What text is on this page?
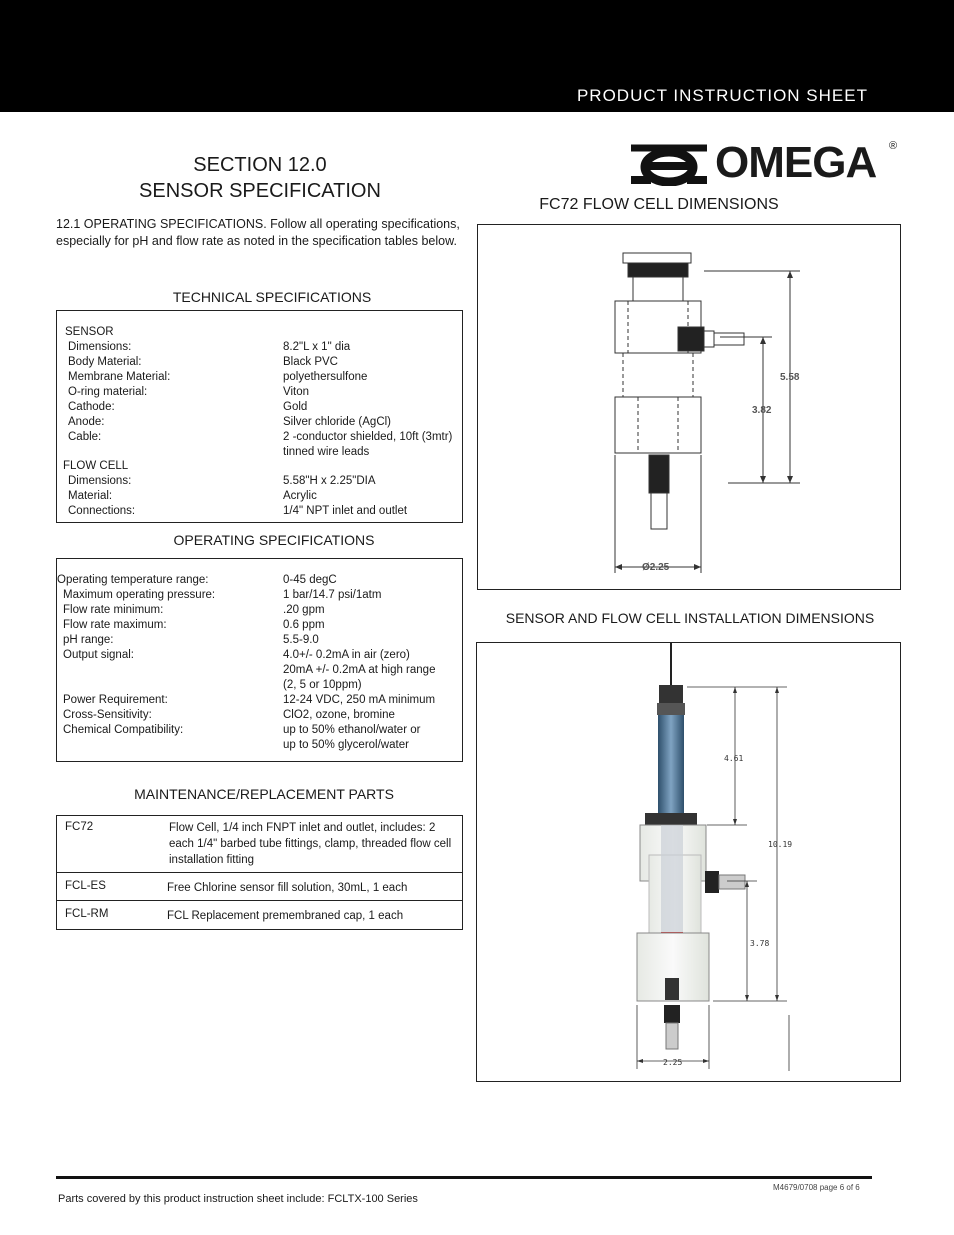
PRODUCT INSTRUCTION SHEET
OMEGA ®
SECTION 12.0
SENSOR SPECIFICATION
12.1 OPERATING SPECIFICATIONS. Follow all operating specifications, especially for pH and flow rate as noted in the specification tables below.
TECHNICAL SPECIFICATIONS
SENSOR
Dimensions:	8.2"L x 1" dia
Body Material:	Black PVC
Membrane Material:	polyethersulfone
O-ring material:	Viton
Cathode:	Gold
Anode:	Silver chloride (AgCl)
Cable:	2 -conductor shielded, 10ft (3mtr)
tinned wire leads
FLOW CELL
Dimensions:	5.58"H x 2.25"DIA
Material:	Acrylic
Connections:	1/4" NPT inlet and outlet
OPERATING SPECIFICATIONS
Operating temperature range:	0-45 degC
Maximum operating pressure:	1 bar/14.7 psi/1atm
Flow rate minimum:	.20 gpm
Flow rate maximum:	0.6 ppm
pH range:	5.5-9.0
Output signal:	4.0+/- 0.2mA in air (zero)
20mA +/- 0.2mA at high range
(2, 5 or 10ppm)
Power Requirement:	12-24 VDC, 250 mA minimum
Cross-Sensitivity:	ClO2, ozone, bromine
Chemical Compatibility:	up to 50% ethanol/water or
up to 50% glycerol/water
MAINTENANCE/REPLACEMENT PARTS
FC72	Flow Cell, 1/4 inch FNPT inlet and outlet, includes: 2 each 1/4" barbed tube fittings, clamp, threaded flow cell installation fitting
FCL-ES	Free Chlorine sensor fill solution, 30mL, 1 each
FCL-RM	FCL Replacement premembraned cap, 1 each
FC72 FLOW CELL DIMENSIONS
5.58
3.82
Ø2.25
SENSOR AND FLOW CELL INSTALLATION DIMENSIONS
4.61
10.19
3.78
2.25
M4679/0708 page 6 of 6
Parts covered by this product instruction sheet include: FCLTX-100 Series
